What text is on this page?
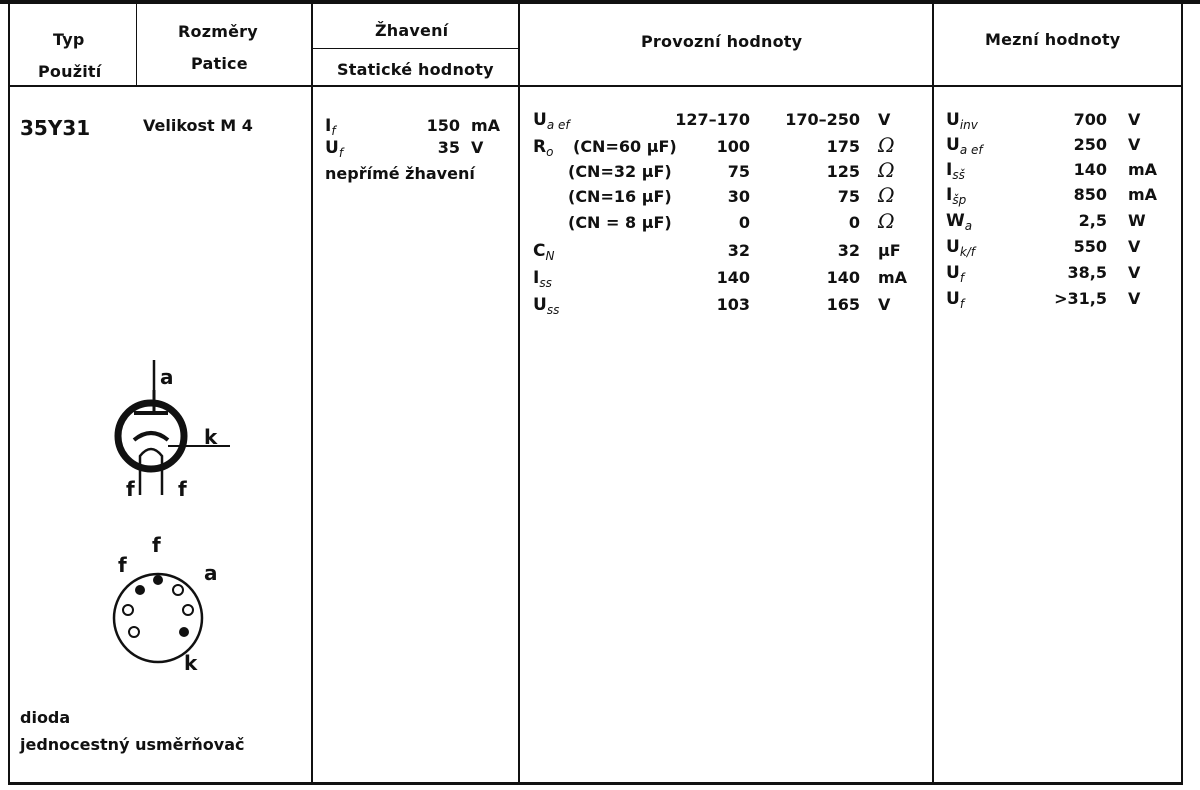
Typ
Použití
Rozměry
Patice
Žhavení
Statické hodnoty
Provozní hodnoty	Mezní hodnoty
35Y31
dioda
jednocestný usměrňovač
Velikost M 4
a
k
f f
f
f	a
k
$I_f$	150 mA
$U_f$	35 V
nepřímé žhavení
$U_{a ef}$	127–170	170–250 V
$R_o$ (CN=60 μF)	100	175 Ω
(CN=32 μF)	75	125 Ω
(CN=16 μF)	30	75 Ω
(CN = 8 μF)	0	0 Ω
$C_N$	32	32 μF
$I_{ss}$	140	140 mA
$U_{ss}$	103	165 V
$U_{inv}$	700 V
$U_{a ef}$	250 V
$I_{sš}$	140 mA
$I_{šp}$	850 mA
$W_a$	2,5 W
$U_{k/f}$	550 V
$U_f$	38,5 V
$U_f$	>31,5 V
